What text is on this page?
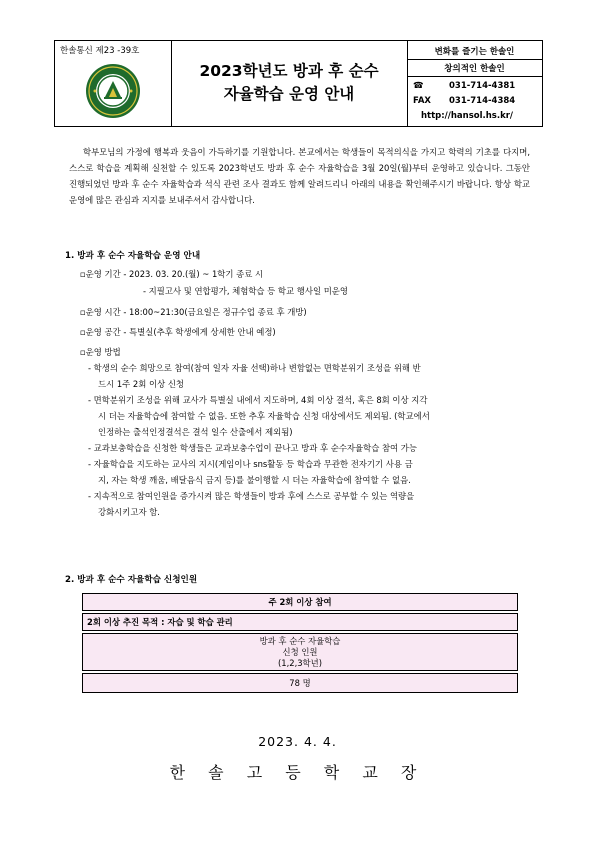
한솔통신 제23 -39호
2023학년도 방과 후 순수
자율학습 운영 안내
변화를 즐기는 한솔인
창의적인 한솔인
☎	031-714-4381
FAX 031-714-4384
http://hansol.hs.kr/
학부모님의 가정에 행복과 웃음이 가득하기를 기원합니다. 본교에서는 학생들이 목적의식을 가지고 학력의 기초를 다지며, 스스로 학습을 계획해 실천할 수 있도록 2023학년도 방과 후 순수 자율학습을 3월 20일(월)부터 운영하고 있습니다. 그동안 진행되었던 방과 후 순수 자율학습과 석식 관련 조사 결과도 함께 알려드리니 아래의 내용을 확인해주시기 바랍니다. 항상 학교 운영에 많은 관심과 지지를 보내주셔서 감사합니다.
1. 방과 후 순수 자율학습 운영 안내
▫운영 기간 - 2023. 03. 20.(월) ~ 1학기 종료 시
- 지필고사 및 연합평가, 체험학습 등 학교 행사일 미운영
▫운영 시간 - 18:00~21:30(금요일은 정규수업 종료 후 개방)
▫운영 공간 - 특별실(추후 학생에게 상세한 안내 예정)
▫운영 방법
- 학생의 순수 희망으로 참여(참여 일자 자율 선택)하나 변함없는 면학분위기 조성을 위해 반
드시 1주 2회 이상 신청
- 면학분위기 조성을 위해 교사가 특별실 내에서 지도하며, 4회 이상 결석, 혹은 8회 이상 지각
시 더는 자율학습에 참여할 수 없음. 또한 추후 자율학습 신청 대상에서도 제외됨. (학교에서
인정하는 출석인정결석은 결석 일수 산출에서 제외됨)
- 교과보충학습을 신청한 학생들은 교과보충수업이 끝나고 방과 후 순수자율학습 참여 가능
- 자율학습을 지도하는 교사의 지시(게임이나 sns활동 등 학습과 무관한 전자기기 사용 금
지, 자는 학생 깨움, 배달음식 금지 등)를 불이행할 시 더는 자율학습에 참여할 수 없음.
- 지속적으로 참여인원을 증가시켜 많은 학생들이 방과 후에 스스로 공부할 수 있는 역량을
강화시키고자 함.
2. 방과 후 순수 자율학습 신청인원
주 2회 이상 참여
2회 이상 추진 목적 : 자습 및 학습 관리
방과 후 순수 자율학습
신청 인원
(1,2,3학년)
78 명
2023. 4. 4.
한 솔 고 등 학 교 장
